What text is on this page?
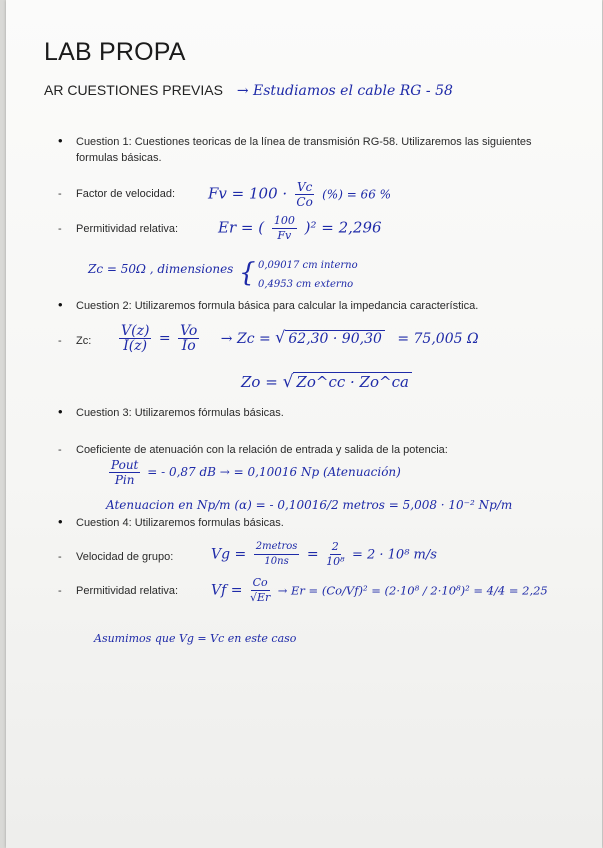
LAB PROPA
AR CUESTIONES PREVIAS → Estudiamos el cable RG - 58
• Cuestion 1: Cuestiones teoricas de la línea de transmisión RG-58. Utilizaremos las siguientes
formulas básicas.
- Factor de velocidad: $Fv = 100 \cdot \frac{Vc}{Co}$ (%) = 66 %
- Permitividad relativa:	Er = ( $\frac{100}{Fv} )^2 = 2,296$
Zc = 50Ω , dimensiones { 0,09017 cm interno
0,4953 cm externo
• Cuestion 2: Utilizaremos formula básica para calcular la impedancia característica.
- Zc: $\frac{V(z)}{I(z)} = \frac{Vo}{Io} \to Zc$ = √ 62,30 · 90,30 = 75,005 Ω
Zo = √ Zo^cc · Zo^ca
• Cuestion 3: Utilizaremos fórmulas básicas.
- Coeficiente de atenuación con la relación de entrada y salida de la potencia:
$\frac{\text{Pout}}{\text{Pin}}$ = - 0,87 dB → = 0,10016 Np (Atenuación)
Atenuacion en Np/m (α) = - 0,10016/2 metros = 5,008 · 10⁻² Np/m
• Cuestion 4: Utilizaremos formulas básicas.
- Velocidad de grupo:	$Vg = \frac{\text{2metros}}{10ns} = \frac{2}{\text{10⁸}} = 2 \cdot 10^8$ m/s
- Permitividad relativa: $Vf = \frac{Co}{√Er} \to Er = (Co/Vf)^2 = (2\cdot 10^8 / 2\cdot 10^8)^2 = 4/4 = 2,25$
Asumimos que Vg = Vc en este caso
